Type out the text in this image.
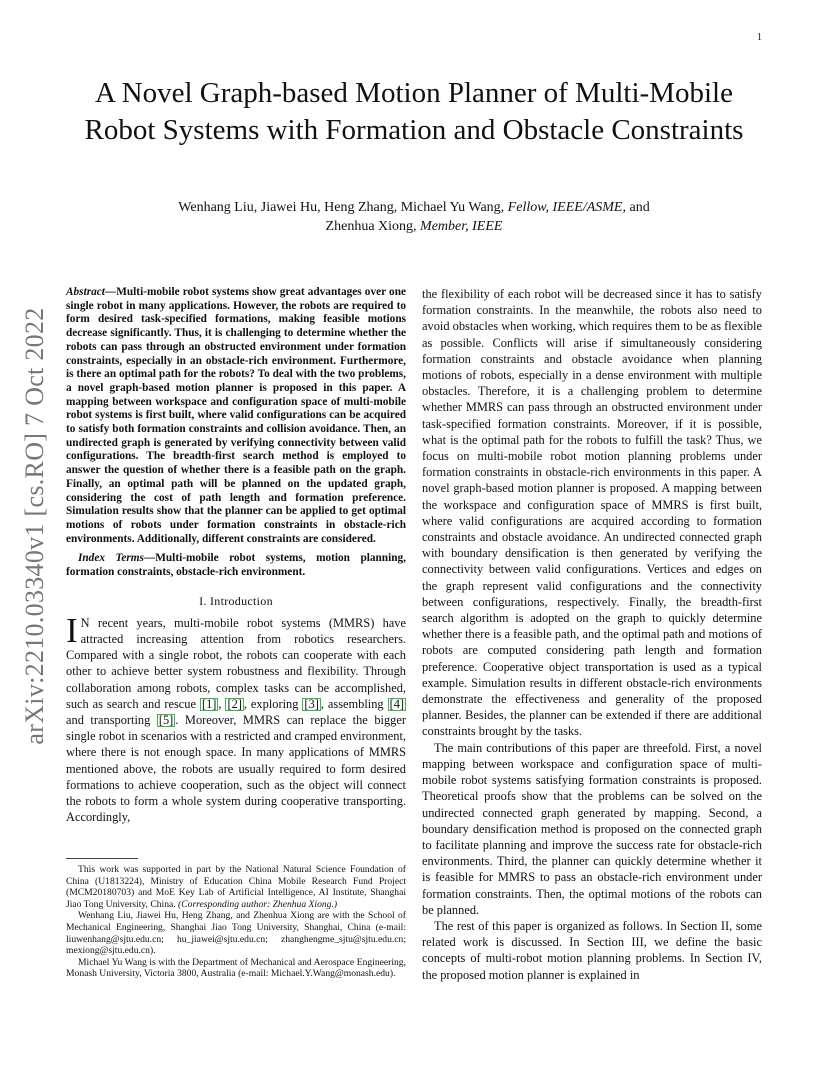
1
arXiv:2210.03340v1 [cs.RO] 7 Oct 2022
A Novel Graph-based Motion Planner of Multi-Mobile Robot Systems with Formation and Obstacle Constraints
Wenhang Liu, Jiawei Hu, Heng Zhang, Michael Yu Wang, Fellow, IEEE/ASME, and
Zhenhua Xiong, Member, IEEE

Abstract—Multi-mobile robot systems show great advantages over one single robot in many applications. However, the robots are required to form desired task-specified formations, making feasible motions decrease significantly. Thus, it is challenging to determine whether the robots can pass through an obstructed environment under formation constraints, especially in an obstacle-rich environment. Furthermore, is there an optimal path for the robots? To deal with the two problems, a novel graph-based motion planner is proposed in this paper. A mapping between workspace and configuration space of multi-mobile robot systems is first built, where valid configurations can be acquired to satisfy both formation constraints and collision avoidance. Then, an undirected graph is generated by verifying connectivity between valid configurations. The breadth-first search method is employed to answer the question of whether there is a feasible path on the graph. Finally, an optimal path will be planned on the updated graph, considering the cost of path length and formation preference. Simulation results show that the planner can be applied to get optimal motions of robots under formation constraints in obstacle-rich environments. Additionally, different constraints are considered.

Index Terms—Multi-mobile robot systems, motion planning, formation constraints, obstacle-rich environment.

I. Introduction

I N recent years, multi-mobile robot systems (MMRS) have attracted increasing attention from robotics researchers. Compared with a single robot, the robots can cooperate with each other to achieve better system robustness and flexibility. Through collaboration among robots, complex tasks can be accomplished, such as search and rescue [1] , [2] , exploring [3] , assembling [4] and transporting [5] . Moreover, MMRS can replace the bigger single robot in scenarios with a restricted and cramped environment, where there is not enough space. In many applications of MMRS mentioned above, the robots are usually required to form desired formations to achieve cooperation, such as the object will connect the robots to form a whole system during cooperative transporting. Accordingly,

This work was supported in part by the National Natural Science Foundation of China (U1813224), Ministry of Education China Mobile Research Fund Project (MCM20180703) and MoE Key Lab of Artificial Intelligence, AI Institute, Shanghai Jiao Tong University, China. (Corresponding author: Zhenhua Xiong.)

Wenhang Liu, Jiawei Hu, Heng Zhang, and Zhenhua Xiong are with the School of Mechanical Engineering, Shanghai Jiao Tong University, Shanghai, China (e-mail: liuwenhang@sjtu.edu.cn; hu_jiawei@sjtu.edu.cn; zhanghengme_sjtu@sjtu.edu.cn; mexiong@sjtu.edu.cn).

Michael Yu Wang is with the Department of Mechanical and Aerospace Engineering, Monash University, Victoria 3800, Australia (e-mail: Michael.Y.Wang@monash.edu).

the flexibility of each robot will be decreased since it has to satisfy formation constraints. In the meanwhile, the robots also need to avoid obstacles when working, which requires them to be as flexible as possible. Conflicts will arise if simultaneously considering formation constraints and obstacle avoidance when planning motions of robots, especially in a dense environment with multiple obstacles. Therefore, it is a challenging problem to determine whether MMRS can pass through an obstructed environment under task-specified formation constraints. Moreover, if it is possible, what is the optimal path for the robots to fulfill the task? Thus, we focus on multi-mobile robot motion planning problems under formation constraints in obstacle-rich environments in this paper. A novel graph-based motion planner is proposed. A mapping between the workspace and configuration space of MMRS is first built, where valid configurations are acquired according to formation constraints and obstacle avoidance. An undirected connected graph with boundary densification is then generated by verifying the connectivity between valid configurations. Vertices and edges on the graph represent valid configurations and the connectivity between configurations, respectively. Finally, the breadth-first search algorithm is adopted on the graph to quickly determine whether there is a feasible path, and the optimal path and motions of robots are computed considering path length and formation preference. Cooperative object transportation is used as a typical example. Simulation results in different obstacle-rich environments demonstrate the effectiveness and generality of the proposed planner. Besides, the planner can be extended if there are additional constraints brought by the tasks.

The main contributions of this paper are threefold. First, a novel mapping between workspace and configuration space of multi-mobile robot systems satisfying formation constraints is proposed. Theoretical proofs show that the problems can be solved on the undirected connected graph generated by mapping. Second, a boundary densification method is proposed on the connected graph to facilitate planning and improve the success rate for obstacle-rich environments. Third, the planner can quickly determine whether it is feasible for MMRS to pass an obstacle-rich environment under formation constraints. Then, the optimal motions of the robots can be planned.

The rest of this paper is organized as follows. In Section II, some related work is discussed. In Section III, we define the basic concepts of multi-robot motion planning problems. In Section IV, the proposed motion planner is explained in
